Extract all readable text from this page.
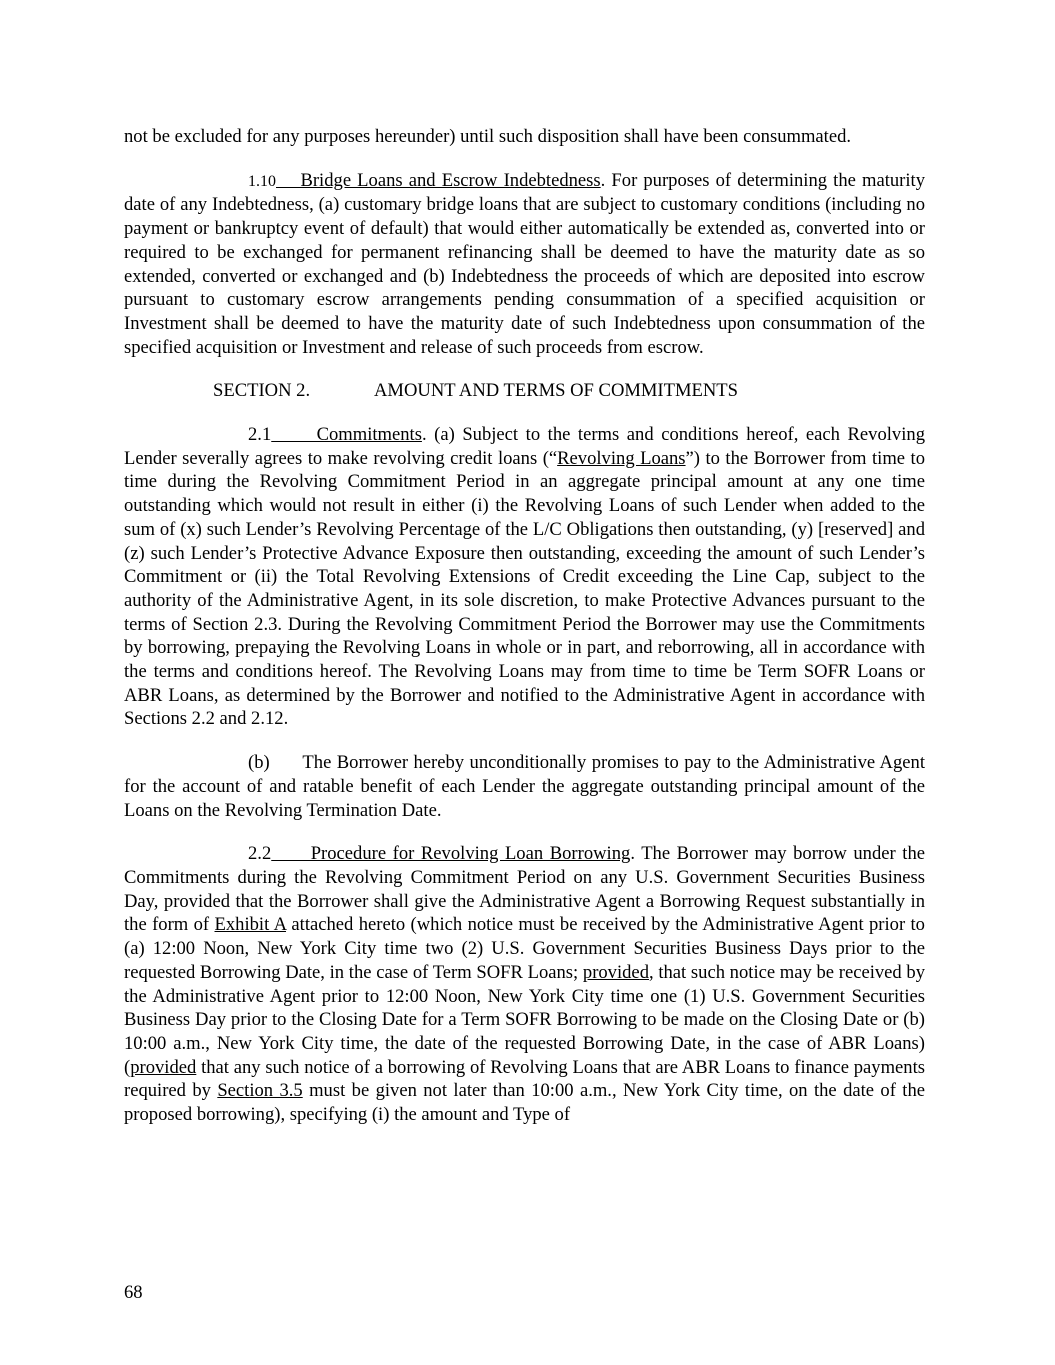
not be excluded for any purposes hereunder) until such disposition shall have been consummated.

1.10    Bridge Loans and Escrow Indebtedness. For purposes of determining the maturity date of any Indebtedness, (a) customary bridge loans that are subject to customary conditions (including no payment or bankruptcy event of default) that would either automatically be extended as, converted into or required to be exchanged for permanent refinancing shall be deemed to have the maturity date as so extended, converted or exchanged and (b) Indebtedness the proceeds of which are deposited into escrow pursuant to customary escrow arrangements pending consummation of a specified acquisition or Investment shall be deemed to have the maturity date of such Indebtedness upon consummation of the specified acquisition or Investment and release of such proceeds from escrow.

SECTION 2.	AMOUNT AND TERMS OF COMMITMENTS

2.1      Commitments. (a) Subject to the terms and conditions hereof, each Revolving Lender severally agrees to make revolving credit loans (“Revolving Loans”) to the Borrower from time to time during the Revolving Commitment Period in an aggregate principal amount at any one time outstanding which would not result in either (i) the Revolving Loans of such Lender when added to the sum of (x) such Lender’s Revolving Percentage of the L/C Obligations then outstanding, (y) [reserved] and (z) such Lender’s Protective Advance Exposure then outstanding, exceeding the amount of such Lender’s Commitment or (ii) the Total Revolving Extensions of Credit exceeding the Line Cap, subject to the authority of the Administrative Agent, in its sole discretion, to make Protective Advances pursuant to the terms of Section 2.3. During the Revolving Commitment Period the Borrower may use the Commitments by borrowing, prepaying the Revolving Loans in whole or in part, and reborrowing, all in accordance with the terms and conditions hereof. The Revolving Loans may from time to time be Term SOFR Loans or ABR Loans, as determined by the Borrower and notified to the Administrative Agent in accordance with Sections 2.2 and 2.12.

(b)      The Borrower hereby unconditionally promises to pay to the Administrative Agent for the account of and ratable benefit of each Lender the aggregate outstanding principal amount of the Loans on the Revolving Termination Date.

2.2      Procedure for Revolving Loan Borrowing. The Borrower may borrow under the Commitments during the Revolving Commitment Period on any U.S. Government Securities Business Day, provided that the Borrower shall give the Administrative Agent a Borrowing Request substantially in the form of Exhibit A attached hereto (which notice must be received by the Administrative Agent prior to (a) 12:00 Noon, New York City time two (2) U.S. Government Securities Business Days prior to the requested Borrowing Date, in the case of Term SOFR Loans; provided, that such notice may be received by the Administrative Agent prior to 12:00 Noon, New York City time one (1) U.S. Government Securities Business Day prior to the Closing Date for a Term SOFR Borrowing to be made on the Closing Date or (b) 10:00 a.m., New York City time, the date of the requested Borrowing Date, in the case of ABR Loans) (provided that any such notice of a borrowing of Revolving Loans that are ABR Loans to finance payments required by Section 3.5 must be given not later than 10:00 a.m., New York City time, on the date of the proposed borrowing), specifying (i) the amount and Type of

68
